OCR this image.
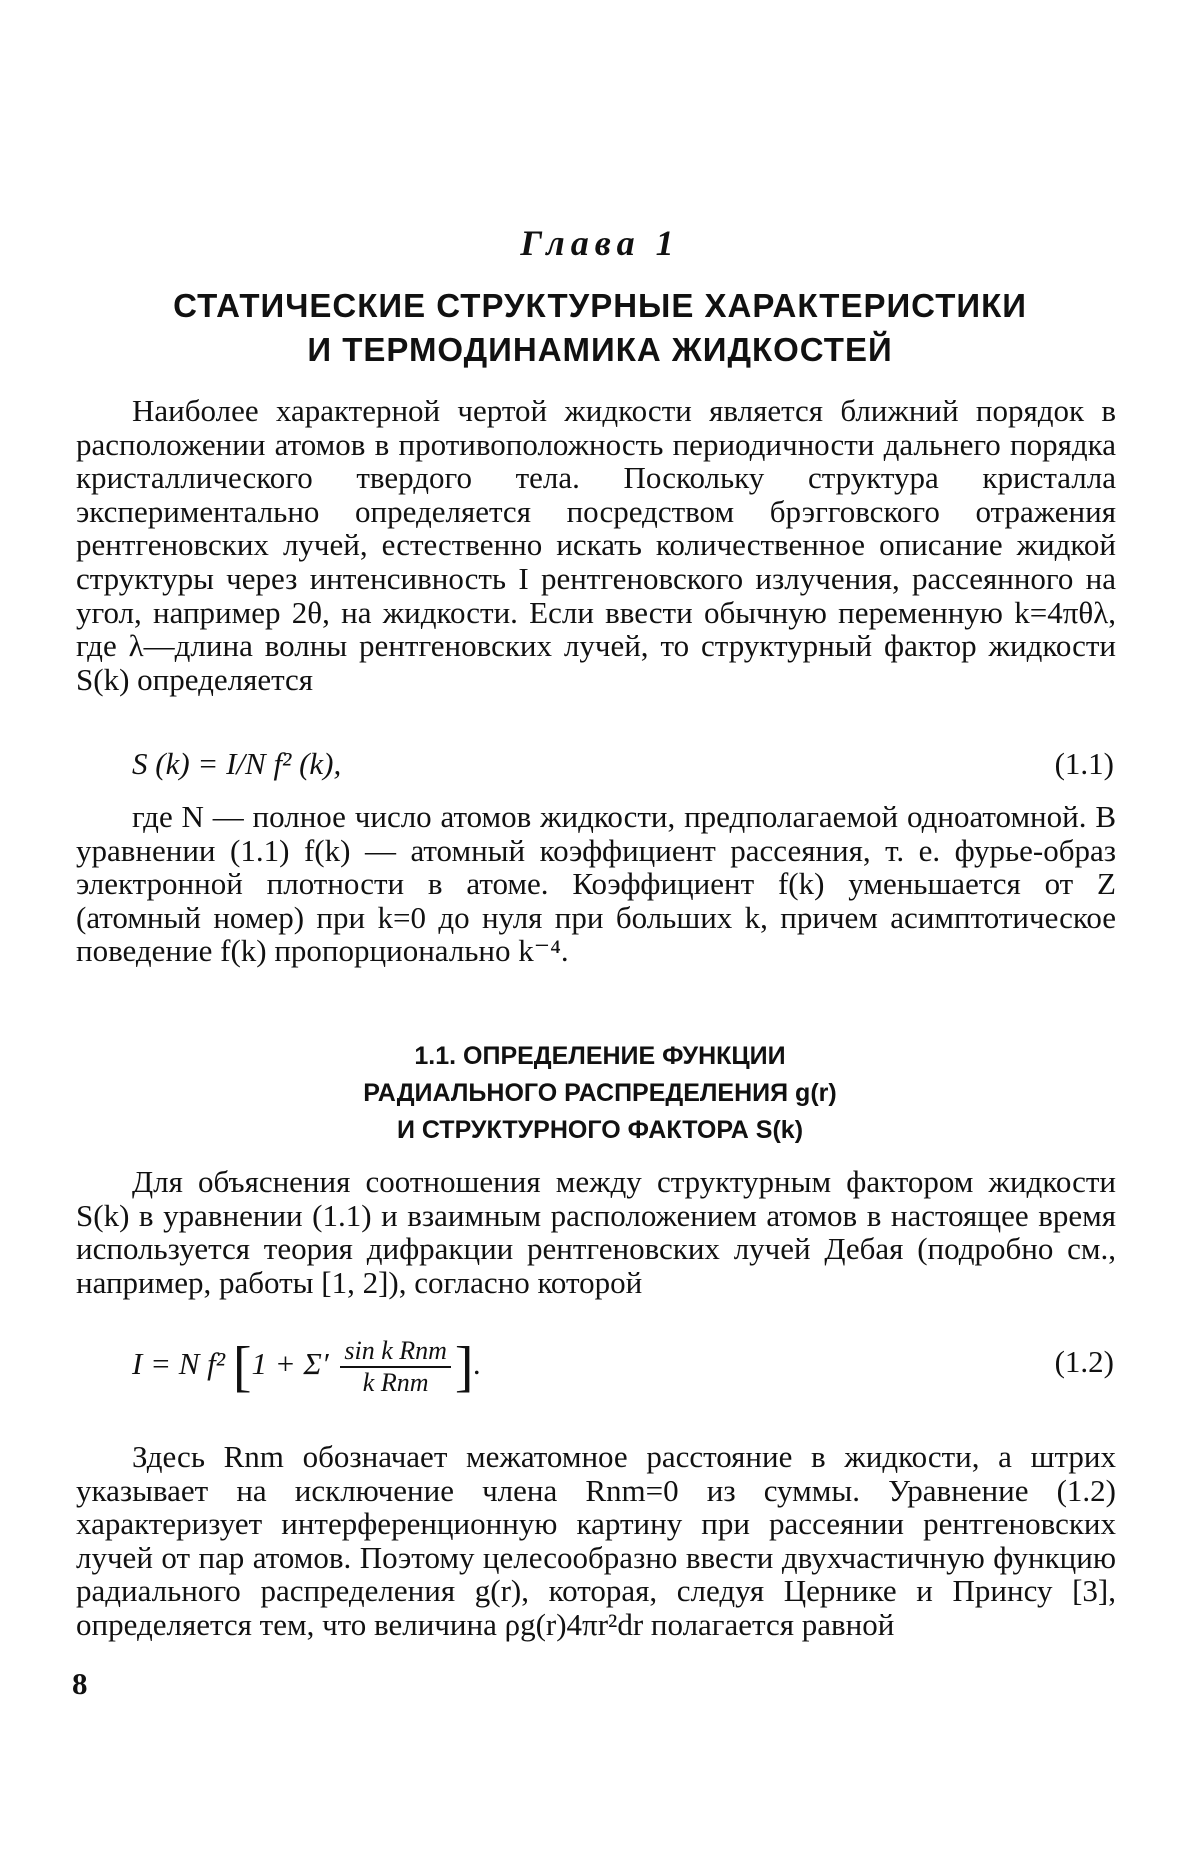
Глава 1
СТАТИЧЕСКИЕ СТРУКТУРНЫЕ ХАРАКТЕРИСТИКИ
И ТЕРМОДИНАМИКА ЖИДКОСТЕЙ

Наиболее характерной чертой жидкости является ближний порядок в расположении атомов в противоположность периодичности дальнего порядка кристаллического твердого тела. Поскольку структура кристалла экспериментально определяется посредством брэгговского отражения рентгеновских лучей, естественно искать количественное описание жидкой структуры через интенсивность I рентгеновского излучения, рассеянного на угол, например 2θ, на жидкости. Если ввести обычную переменную k=4πθλ, где λ—длина волны рентгеновских лучей, то структурный фактор жидкости S(k) определяется

S (k) = I/N f² (k),	(1.1)

где N — полное число атомов жидкости, предполагаемой одноатомной. В уравнении (1.1) f(k) — атомный коэффициент рассеяния, т. е. фурье-образ электронной плотности в атоме. Коэффициент f(k) уменьшается от Z (атомный номер) при k=0 до нуля при больших k, причем асимптотическое поведение f(k) пропорционально k⁻⁴.

1.1. ОПРЕДЕЛЕНИЕ ФУНКЦИИ
РАДИАЛЬНОГО РАСПРЕДЕЛЕНИЯ g(r)
И СТРУКТУРНОГО ФАКТОРА S(k)

Для объяснения соотношения между структурным фактором жидкости S(k) в уравнении (1.1) и взаимным расположением атомов в настоящее время используется теория дифракции рентгеновских лучей Дебая (подробно см., например, работы [1, 2]), согласно которой

I = N f² [$1 + \Sigma' \frac{\text{sin k Rnm}}{\text{k Rnm}}$ ].	(1.2)

Здесь Rnm обозначает межатомное расстояние в жидкости, а штрих указывает на исключение члена Rnm=0 из суммы. Уравнение (1.2) характеризует интерференционную картину при рассеянии рентгеновских лучей от пар атомов. Поэтому целесообразно ввести двухчастичную функцию радиального распределения g(r), которая, следуя Цернике и Принсу [3], определяется тем, что величина ρg(r)4πr²dr полагается равной

8
